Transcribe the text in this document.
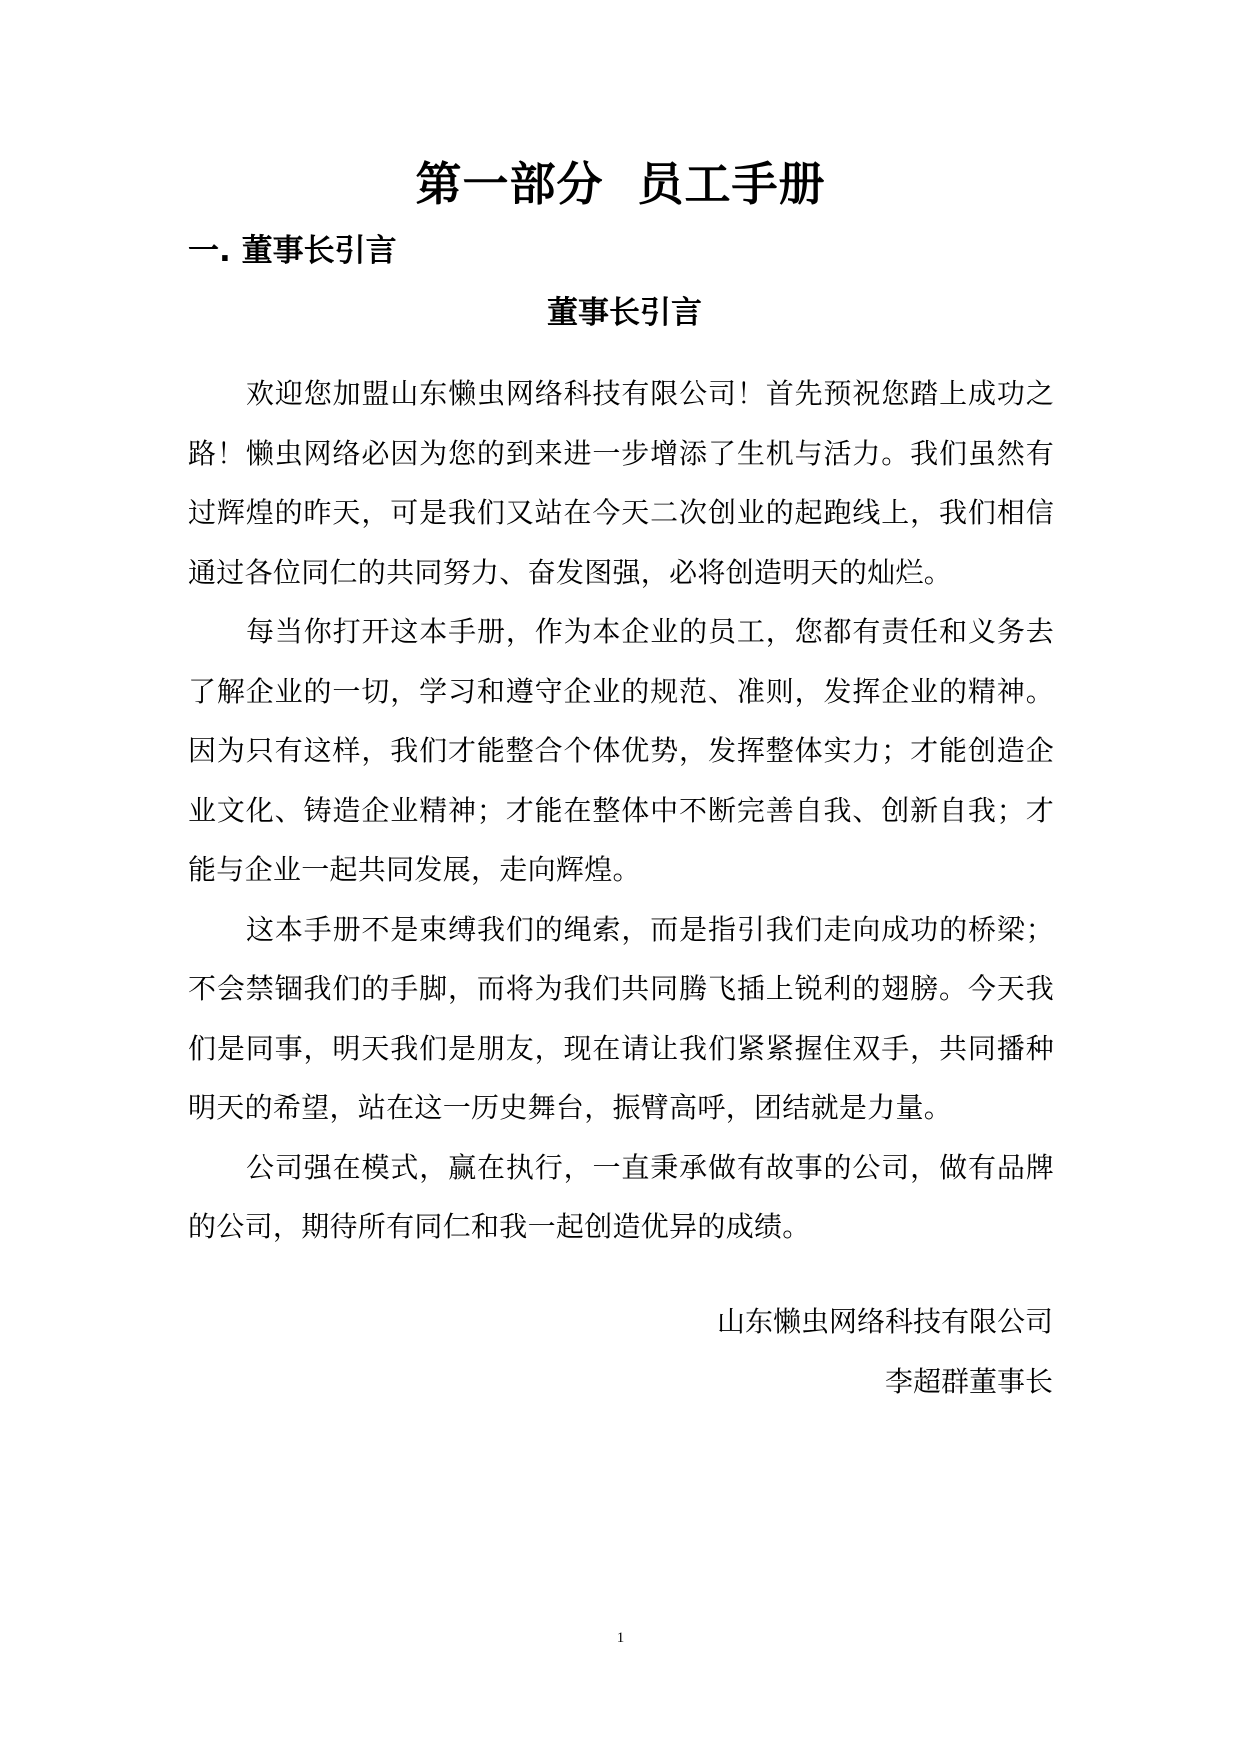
第一部分  员工手册
一. 董事长引言
董事长引言

欢迎您加盟山东懒虫网络科技有限公司！首先预祝您踏上成功之路！懒虫网络必因为您的到来进一步增添了生机与活力。我们虽然有过辉煌的昨天，可是我们又站在今天二次创业的起跑线上，我们相信通过各位同仁的共同努力、奋发图强，必将创造明天的灿烂。

每当你打开这本手册，作为本企业的员工，您都有责任和义务去了解企业的一切，学习和遵守企业的规范、准则，发挥企业的精神。因为只有这样，我们才能整合个体优势，发挥整体实力；才能创造企业文化、铸造企业精神；才能在整体中不断完善自我、创新自我；才能与企业一起共同发展，走向辉煌。

这本手册不是束缚我们的绳索，而是指引我们走向成功的桥梁；不会禁锢我们的手脚，而将为我们共同腾飞插上锐利的翅膀。今天我们是同事，明天我们是朋友，现在请让我们紧紧握住双手，共同播种明天的希望，站在这一历史舞台，振臂高呼，团结就是力量。

公司强在模式，赢在执行，一直秉承做有故事的公司，做有品牌的公司，期待所有同仁和我一起创造优异的成绩。

山东懒虫网络科技有限公司
李超群董事长
1
